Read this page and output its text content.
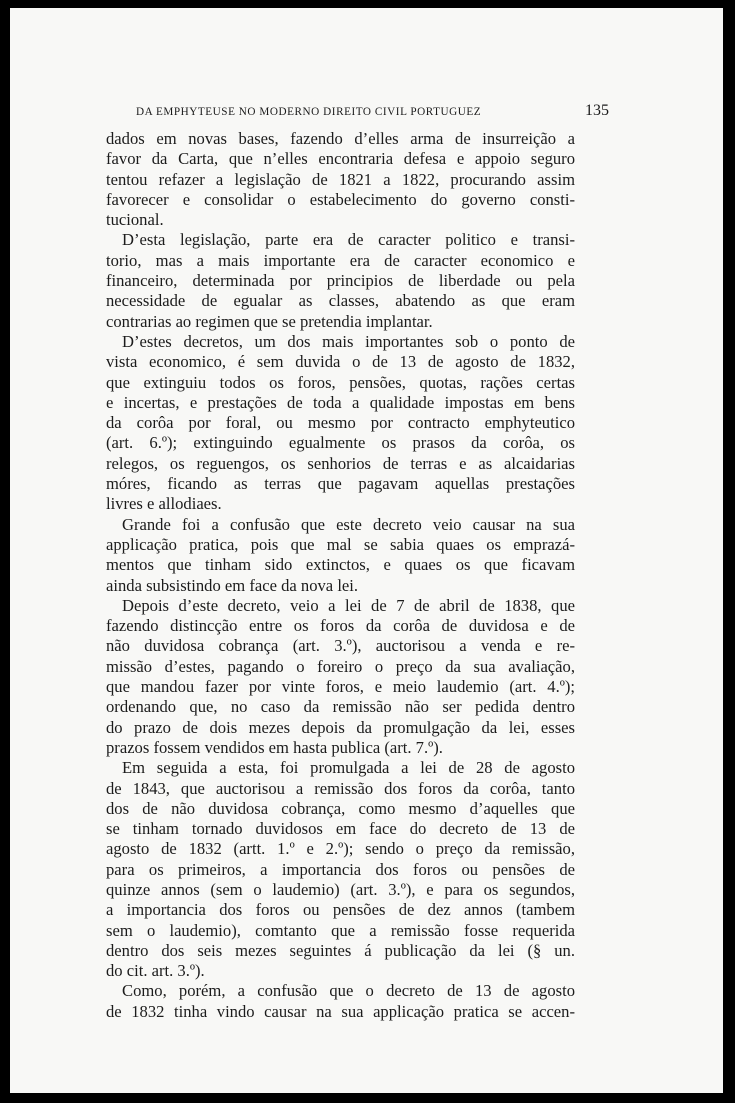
DA EMPHYTEUSE NO MODERNO DIREITO CIVIL PORTUGUEZ	135
dados em novas bases, fazendo d’elles arma de insurreição a
favor da Carta, que n’elles encontraria defesa e appoio seguro
tentou refazer a legislação de 1821 a 1822, procurando assim
favorecer e consolidar o estabelecimento do governo consti-
tucional.
D’esta legislação, parte era de caracter politico e transi-
torio, mas a mais importante era de caracter economico e
financeiro, determinada por principios de liberdade ou pela
necessidade de egualar as classes, abatendo as que eram
contrarias ao regimen que se pretendia implantar.
D’estes decretos, um dos mais importantes sob o ponto de
vista economico, é sem duvida o de 13 de agosto de 1832,
que extinguiu todos os foros, pensões, quotas, rações certas
e incertas, e prestações de toda a qualidade impostas em bens
da corôa por foral, ou mesmo por contracto emphyteutico
(art. 6.º); extinguindo egualmente os prasos da corôa, os
relegos, os reguengos, os senhorios de terras e as alcaidarias
móres, ficando as terras que pagavam aquellas prestações
livres e allodiaes.
Grande foi a confusão que este decreto veio causar na sua
applicação pratica, pois que mal se sabia quaes os emprazá-
mentos que tinham sido extinctos, e quaes os que ficavam
ainda subsistindo em face da nova lei.
Depois d’este decreto, veio a lei de 7 de abril de 1838, que
fazendo distincção entre os foros da corôa de duvidosa e de
não duvidosa cobrança (art. 3.º), auctorisou a venda e re-
missão d’estes, pagando o foreiro o preço da sua avaliação,
que mandou fazer por vinte foros, e meio laudemio (art. 4.º);
ordenando que, no caso da remissão não ser pedida dentro
do prazo de dois mezes depois da promulgação da lei, esses
prazos fossem vendidos em hasta publica (art. 7.º).
Em seguida a esta, foi promulgada a lei de 28 de agosto
de 1843, que auctorisou a remissão dos foros da corôa, tanto
dos de não duvidosa cobrança, como mesmo d’aquelles que
se tinham tornado duvidosos em face do decreto de 13 de
agosto de 1832 (artt. 1.º e 2.º); sendo o preço da remissão,
para os primeiros, a importancia dos foros ou pensões de
quinze annos (sem o laudemio) (art. 3.º), e para os segundos,
a importancia dos foros ou pensões de dez annos (tambem
sem o laudemio), comtanto que a remissão fosse requerida
dentro dos seis mezes seguintes á publicação da lei (§ un.
do cit. art. 3.º).
Como, porém, a confusão que o decreto de 13 de agosto
de 1832 tinha vindo causar na sua applicação pratica se accen-
